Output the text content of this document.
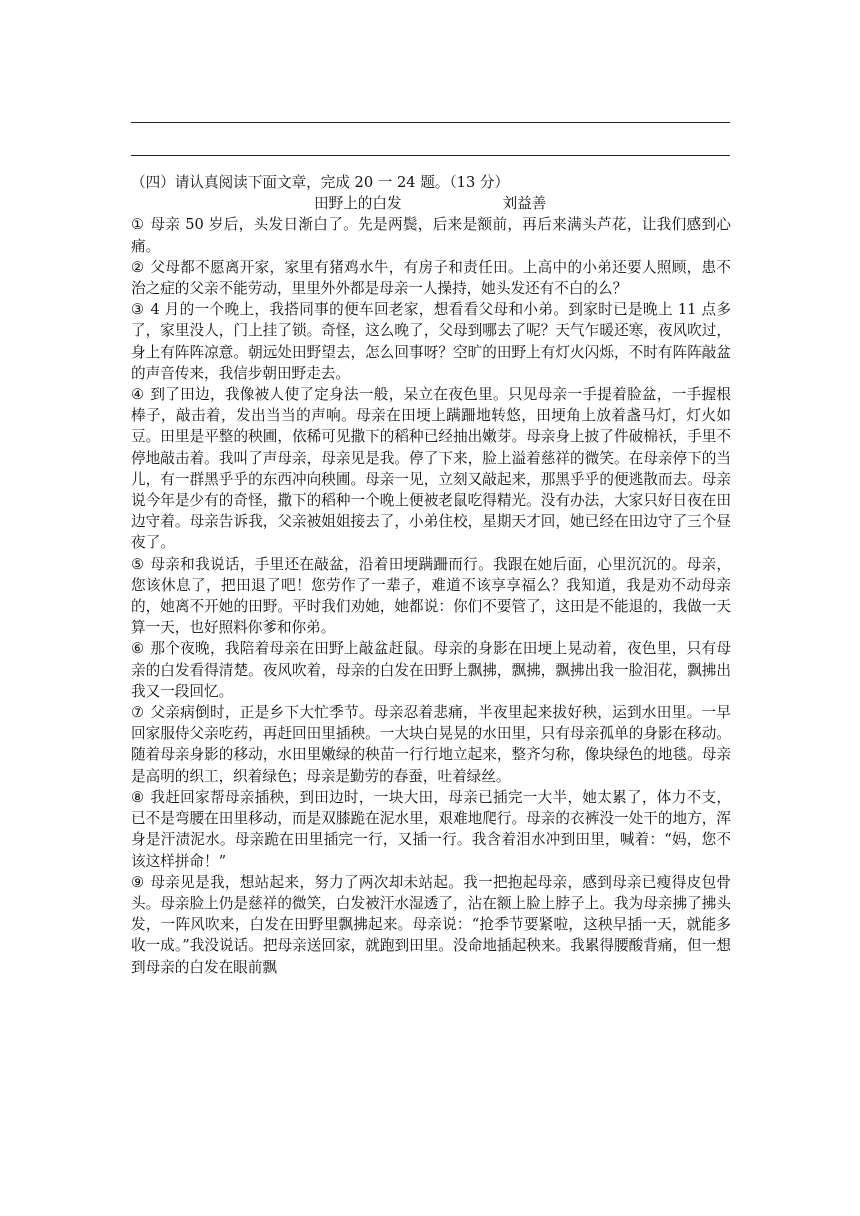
（四）请认真阅读下面文章，完成 20 一 24 题。（13 分）

田野上的白发	刘益善

① 母亲 50 岁后，头发日渐白了。先是两鬓，后来是额前，再后来满头芦花，让我们感到心痛。

② 父母都不愿离开家，家里有猪鸡水牛，有房子和责任田。上高中的小弟还要人照顾，患不治之症的父亲不能劳动，里里外外都是母亲一人操持，她头发还有不白的么？

③ 4 月的一个晚上，我搭同事的便车回老家，想看看父母和小弟。到家时已是晚上 11 点多了，家里没人，门上挂了锁。奇怪，这么晚了，父母到哪去了呢？天气乍暖还寒，夜风吹过，身上有阵阵凉意。朝远处田野望去，怎么回事呀？空旷的田野上有灯火闪烁，不时有阵阵敲盆的声音传来，我信步朝田野走去。

④ 到了田边，我像被人使了定身法一般，呆立在夜色里。只见母亲一手提着脸盆，一手握根棒子，敲击着，发出当当的声响。母亲在田埂上蹒跚地转悠，田埂角上放着盏马灯，灯火如豆。田里是平整的秧圃，依稀可见撒下的稻种已经抽出嫩芽。母亲身上披了件破棉袄，手里不停地敲击着。我叫了声母亲，母亲见是我。停了下来，脸上溢着慈祥的微笑。在母亲停下的当儿，有一群黑乎乎的东西冲向秧圃。母亲一见，立刻又敲起来，那黑乎乎的便逃散而去。母亲说今年是少有的奇怪，撒下的稻种一个晚上便被老鼠吃得精光。没有办法，大家只好日夜在田边守着。母亲告诉我，父亲被姐姐接去了，小弟住校，星期天才回，她已经在田边守了三个昼夜了。

⑤ 母亲和我说话，手里还在敲盆，沿着田埂蹒跚而行。我跟在她后面，心里沉沉的。母亲，您该休息了，把田退了吧！您劳作了一辈子，难道不该享享福么？我知道，我是劝不动母亲的，她离不开她的田野。平时我们劝她，她都说：你们不要管了，这田是不能退的，我做一天算一天，也好照料你爹和你弟。

⑥ 那个夜晚，我陪着母亲在田野上敲盆赶鼠。母亲的身影在田埂上晃动着，夜色里，只有母亲的白发看得清楚。夜风吹着，母亲的白发在田野上飘拂，飘拂，飘拂出我一脸泪花，飘拂出我又一段回忆。

⑦ 父亲病倒时，正是乡下大忙季节。母亲忍着悲痛，半夜里起来拔好秧，运到水田里。一早回家服侍父亲吃药，再赶回田里插秧。一大块白晃晃的水田里，只有母亲孤单的身影在移动。随着母亲身影的移动，水田里嫩绿的秧苗一行行地立起来，整齐匀称，像块绿色的地毯。母亲是高明的织工，织着绿色；母亲是勤劳的春蚕，吐着绿丝。

⑧ 我赶回家帮母亲插秧，到田边时，一块大田，母亲已插完一大半，她太累了，体力不支，已不是弯腰在田里移动，而是双膝跪在泥水里，艰难地爬行。母亲的衣裤没一处干的地方，浑身是汗渍泥水。母亲跪在田里插完一行，又插一行。我含着泪水冲到田里，喊着：“妈，您不该这样拼命！”

⑨ 母亲见是我，想站起来，努力了两次却未站起。我一把抱起母亲，感到母亲已瘦得皮包骨头。母亲脸上仍是慈祥的微笑，白发被汗水湿透了，沾在额上脸上脖子上。我为母亲拂了拂头发，一阵风吹来，白发在田野里飘拂起来。母亲说：“抢季节要紧啦，这秧早插一天，就能多收一成。”我没说话。把母亲送回家，就跑到田里。没命地插起秧来。我累得腰酸背痛，但一想到母亲的白发在眼前飘
